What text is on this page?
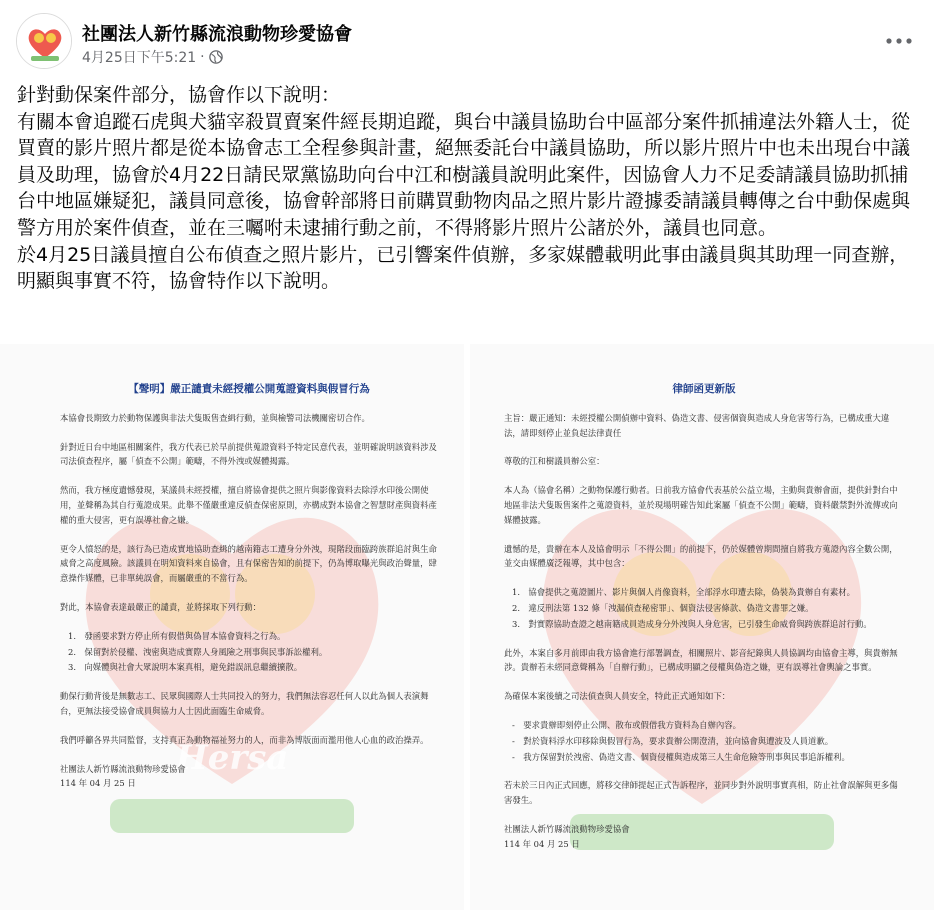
社團法人新竹縣流浪動物珍愛協會
4月25日下午5:21 ·

針對動保案件部分，協會作以下說明：

有關本會追蹤石虎與犬貓宰殺買賣案件經長期追蹤，與台中議員協助台中區部分案件抓捕違法外籍人士，從買賣的影片照片都是從本協會志工全程參與計畫，絕無委託台中議員協助，所以影片照片中也未出現台中議員及助理，協會於4月22日請民眾黨協助向台中江和樹議員說明此案件，因協會人力不足委請議員協助抓捕台中地區嫌疑犯，議員同意後，協會幹部將日前購買動物肉品之照片影片證據委請議員轉傳之台中動保處與警方用於案件偵查，並在三囑咐未逮捕行動之前，不得將影片照片公諸於外，議員也同意。

於4月25日議員擅自公布偵查之照片影片，已引響案件偵辦，多家媒體載明此事由議員與其助理一同查辦，明顯與事實不符，協會特作以下說明。

Hersa
【聲明】嚴正譴責未經授權公開蒐證資料與假冒行為

本協會長期致力於動物保護與非法犬隻販售查緝行動，並與檢警司法機關密切合作。

針對近日台中地區相關案件，我方代表已於早前提供蒐證資料予特定民意代表，並明確說明該資料涉及司法偵查程序，屬「偵查不公開」範疇，不得外洩或媒體揭露。

然而，我方極度遺憾發現，某議員未經授權，擅自將協會提供之照片與影像資料去除浮水印後公開使用，並聲稱為其自行蒐證成果。此舉不僅嚴重違反偵查保密原則，亦構成對本協會之智慧財產與資料產權的重大侵害，更有誤導社會之嫌。

更令人憤怒的是，該行為已造成實地協助查緝的越南籍志工遭身分外洩，現階段面臨跨族群追討與生命威脅之高度風險。該議員在明知資料來自協會，且有保密告知的前提下，仍為博取曝光與政治聲量，肆意操作媒體，已非單純誤會，而屬嚴重的不當行為。

對此，本協會表達最嚴正的譴責，並將採取下列行動：

1.　發函要求對方停止所有假借與偽冒本協會資料之行為。
2.　保留對於侵權、洩密與造成實際人身風險之刑事與民事訴訟權利。
3.　向媒體與社會大眾說明本案真相，避免錯誤訊息繼續擴散。

動保行動背後是無數志工、民眾與國際人士共同投入的努力，我們無法容忍任何人以此為個人表演舞台，更無法接受協會成員與協力人士因此面臨生命威脅。

我們呼籲各界共同監督，支持真正為動物福祉努力的人，而非為博版面而濫用他人心血的政治操弄。

社團法人新竹縣流浪動物珍愛協會
114 年 04 月 25 日
律師函更新版

主旨：嚴正通知：未經授權公開偵辦中資料、偽造文書、侵害個資與造成人身危害等行為，已構成重大違法，請即刻停止並負起法律責任

尊敬的江和樹議員辦公室：

本人為（協會名稱）之動物保護行動者。日前我方協會代表基於公益立場，主動與貴辦會面，提供針對台中地區非法犬隻販售案件之蒐證資料，並於現場明確告知此案屬「偵查不公開」範疇，資料嚴禁對外流傳或向媒體披露。

遺憾的是，貴辦在本人及協會明示「不得公開」的前提下，仍於媒體曾期間擅自將我方蒐證內容全數公開，並交由媒體廣泛報導，其中包含：

1.　協會提供之蒐證圖片、影片與個人肖像資料，全部浮水印遭去除，偽裝為貴辦自有素材。
2.　違反刑法第 132 條「洩漏偵查秘密罪」、個資法侵害條款、偽造文書罪之嫌。
3.　對實際協助查證之越南籍成員造成身分外洩與人身危害，已引發生命威脅與跨族群追討行動。

此外，本案自多月前即由我方協會進行部署調查，相關照片、影音紀錄與人員協調均由協會主導，與貴辦無涉。貴辦若未經同意聲稱為「自辦行動」，已構成明顯之侵權與偽造之嫌，更有誤導社會輿論之事實。

為確保本案後續之司法偵查與人員安全，特此正式通知如下：

-　要求貴辦即刻停止公開、散布或假借我方資料為自辦內容。
-　對於資料浮水印移除與假冒行為，要求貴辦公開澄清，並向協會與遭波及人員道歉。
-　我方保留對於洩密、偽造文書、個資侵權與造成第三人生命危險等刑事與民事追訴權利。

若未於三日內正式回應，將移交律師提起正式告訴程序，並同步對外說明事實真相，防止社會誤解與更多傷害發生。

社團法人新竹縣流浪動物珍愛協會
114 年 04 月 25 日
